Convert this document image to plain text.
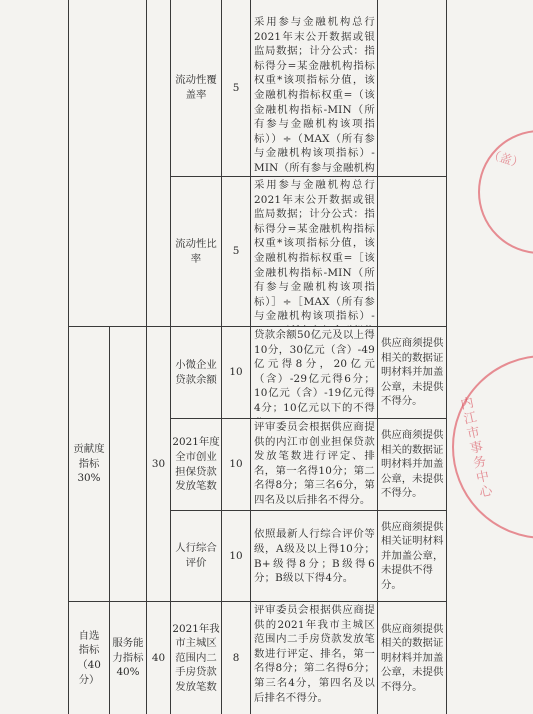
流动性覆
盖率
5
采用参与金融机构总行2021年末公开数据或银监局数据；计分公式：指标得分=某金融机构指标权重*该项指标分值，该金融机构指标权重=（该金融机构指标-MIN（所有参与金融机构该项指标））÷（MAX（所有参与金融机构该项指标）-MIN（所有参与金融机构
流动性比
率
5
采用参与金融机构总行2021年末公开数据或银监局数据；计分公式：指标得分=某金融机构指标权重*该项指标分值，该金融机构指标权重=［该金融机构指标-MIN（所有参与金融机构该项指标）］÷［MAX（所有参与金融机构该项指标）-
贡献度
指标
30%
30
小微企业
贷款余额
10
贷款余额50亿元及以上得10分，30亿元（含）-49亿元得8分，20亿元（含）-29亿元得6分；10亿元（含）-19亿元得4分；10亿元以下的不得
供应商须提供相关的数据证明材料并加盖公章，未提供不得分。
2021年度
全市创业
担保贷款
发放笔数
10
评审委员会根据供应商提供的内江市创业担保贷款发放笔数进行评定、排名，第一名得10分；第二名得8分；第三名6分，第四名及以后排名不得分。
供应商须提供相关的数据证明材料并加盖公章，未提供不得分。
人行综合
评价
10
依照最新人行综合评价等级，A级及以上得10分；B+级得8分；B级得6分；B级以下得4分。
供应商须提供相关证明材料并加盖公章，未提供不得分。
自选
指标
（40
分）
服务能
力指标
40%
40
2021年我
市主城区
范围内二
手房贷款
发放笔数
8
评审委员会根据供应商提供的2021年我市主城区范围内二手房贷款发放笔数进行评定、排名，第一名得8分；第二名得6分；第三名4分，第四名及以后排名不得分。
供应商须提供相关的数据证明材料并加盖公章，未提供不得分。
内江市事务中心
（盖）
